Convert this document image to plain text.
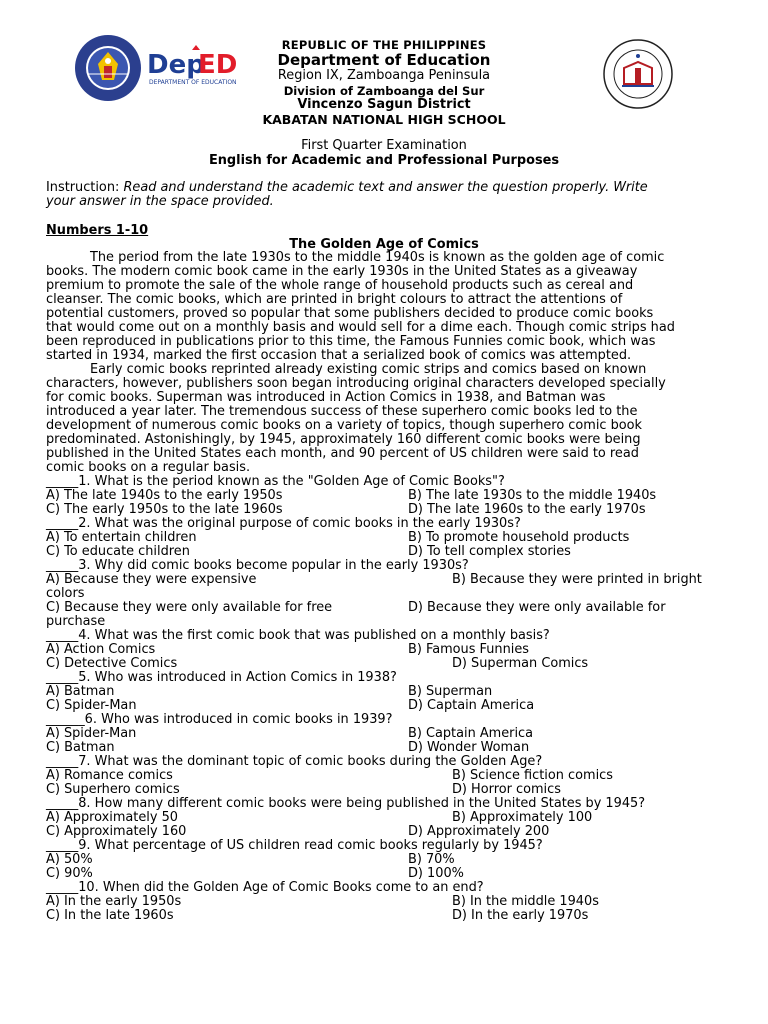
Dep
ED
DEPARTMENT OF EDUCATION
REPUBLIC OF THE PHILIPPINES
Department of Education
Region IX, Zamboanga Peninsula
Division of Zamboanga del Sur
Vincenzo Sagun District
KABATAN NATIONAL HIGH SCHOOL
First Quarter Examination
English for Academic and Professional Purposes
Instruction: Read and understand the academic text and answer the question properly. Write
your answer in the space provided.
Numbers 1-10
The Golden Age of Comics
The period from the late 1930s to the middle 1940s is known as the golden age of comic
books. The modern comic book came in the early 1930s in the United States as a giveaway
premium to promote the sale of the whole range of household products such as cereal and
cleanser. The comic books, which are printed in bright colours to attract the attentions of
potential customers, proved so popular that some publishers decided to produce comic books
that would come out on a monthly basis and would sell for a dime each. Though comic strips had
been reproduced in publications prior to this time, the Famous Funnies comic book, which was
started in 1934, marked the first occasion that a serialized book of comics was attempted.
Early comic books reprinted already existing comic strips and comics based on known
characters, however, publishers soon began introducing original characters developed specially
for comic books. Superman was introduced in Action Comics in 1938, and Batman was
introduced a year later. The tremendous success of these superhero comic books led to the
development of numerous comic books on a variety of topics, though superhero comic book
predominated. Astonishingly, by 1945, approximately 160 different comic books were being
published in the United States each month, and 90 percent of US children were said to read
comic books on a regular basis.
_____1. What is the period known as the "Golden Age of Comic Books"?
A) The late 1940s to the early 1950s	B) The late 1930s to the middle 1940s
C) The early 1950s to the late 1960s	D) The late 1960s to the early 1970s
_____2. What was the original purpose of comic books in the early 1930s?
A) To entertain children	B) To promote household products
C) To educate children	D) To tell complex stories
_____3. Why did comic books become popular in the early 1930s?
A) Because they were expensive	B) Because they were printed in bright
colors
C) Because they were only available for free	D) Because they were only available for
purchase
_____4. What was the first comic book that was published on a monthly basis?
A) Action Comics	B) Famous Funnies
C) Detective Comics	D) Superman Comics
_____5. Who was introduced in Action Comics in 1938?
A) Batman	B) Superman
C) Spider-Man	D) Captain America
______6. Who was introduced in comic books in 1939?
A) Spider-Man	B) Captain America
C) Batman	D) Wonder Woman
_____7. What was the dominant topic of comic books during the Golden Age?
A) Romance comics	B) Science fiction comics
C) Superhero comics	D) Horror comics
_____8. How many different comic books were being published in the United States by 1945?
A) Approximately 50	B) Approximately 100
C) Approximately 160	D) Approximately 200
_____9. What percentage of US children read comic books regularly by 1945?
A) 50%	B) 70%
C) 90%	D) 100%
_____10. When did the Golden Age of Comic Books come to an end?
A) In the early 1950s	B) In the middle 1940s
C) In the late 1960s	D) In the early 1970s
